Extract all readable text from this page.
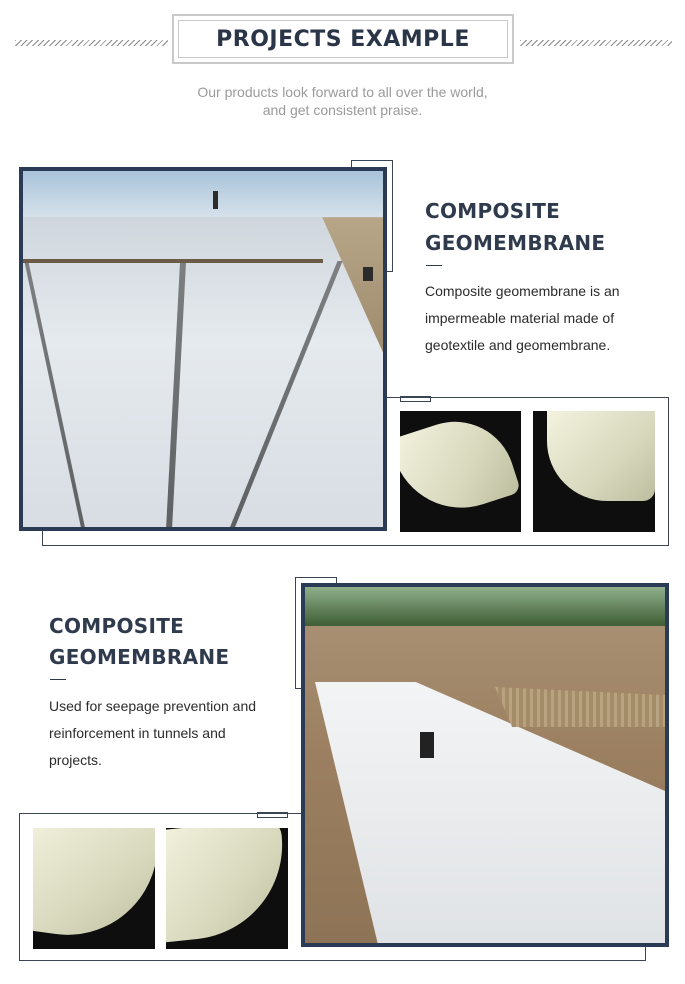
PROJECTS EXAMPLE
Our products look forward to all over the world,
and get consistent praise.
COMPOSITE
GEOMEMBRANE
Composite geomembrane is an
impermeable material made of
geotextile and geomembrane.
COMPOSITE
GEOMEMBRANE
Used for seepage prevention and
reinforcement in tunnels and
projects.
